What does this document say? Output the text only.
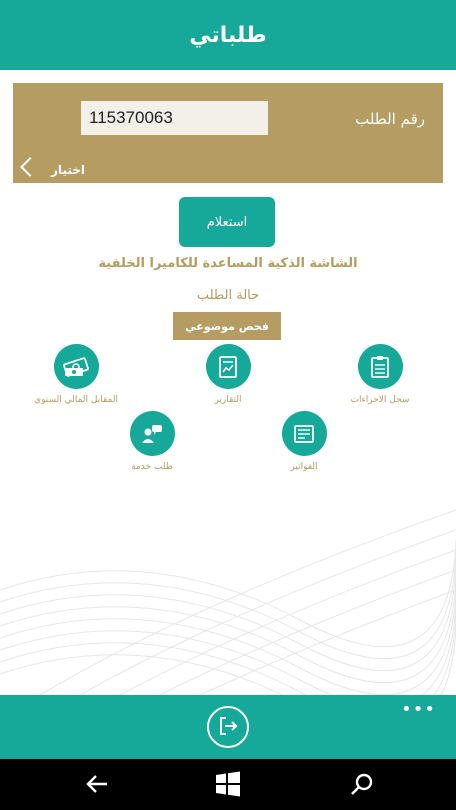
طلباتي
رقم الطلب
115370063
اختيار
استعلام
الشاشة الذكية المساعدة للكاميرا الخلفية
حالة الطلب
فحص موضوعي
المقابل المالي السنوي	التقارير	سجل الاجراءات
طلب خدمة	الفواتير
•••
